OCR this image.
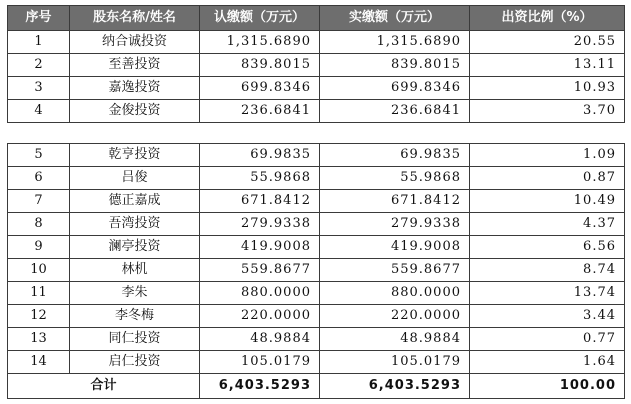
序号	股东名称/姓名	认缴额（万元）	实缴额（万元）	出资比例（%）
1	纳合诚投资	1,315.6890	1,315.6890	20.55
2	至善投资	839.8015	839.8015	13.11
3	嘉逸投资	699.8346	699.8346	10.93
4	金俊投资	236.6841	236.6841	3.70
5	乾亨投资	69.9835	69.9835	1.09
6	吕俊	55.9868	55.9868	0.87
7	德正嘉成	671.8412	671.8412	10.49
8	吾湾投资	279.9338	279.9338	4.37
9	澜亭投资	419.9008	419.9008	6.56
10	林机	559.8677	559.8677	8.74
11	李朱	880.0000	880.0000	13.74
12	李冬梅	220.0000	220.0000	3.44
13	同仁投资	48.9884	48.9884	0.77
14	启仁投资	105.0179	105.0179	1.64
合计		6,403.5293	6,403.5293	100.00
